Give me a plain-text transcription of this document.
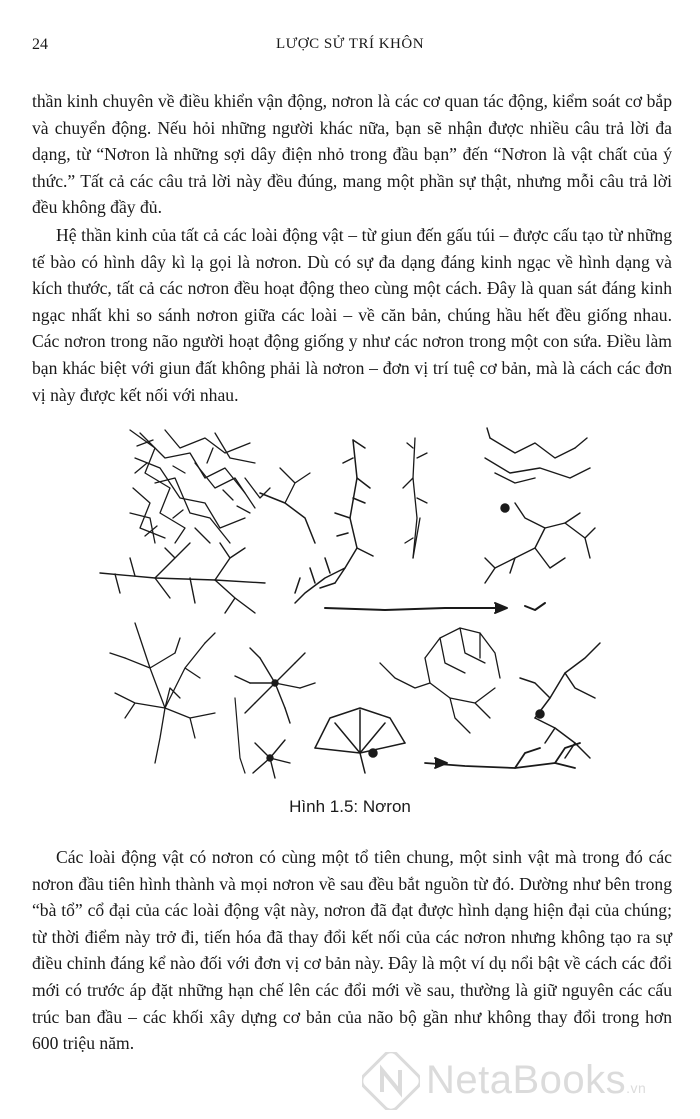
24	LƯỢC SỬ TRÍ KHÔN

thần kinh chuyên về điều khiển vận động, nơron là các cơ quan tác động, kiểm soát cơ bắp và chuyển động. Nếu hỏi những người khác nữa, bạn sẽ nhận được nhiều câu trả lời đa dạng, từ “Nơron là những sợi dây điện nhỏ trong đầu bạn” đến “Nơron là vật chất của ý thức.” Tất cả các câu trả lời này đều đúng, mang một phần sự thật, nhưng mỗi câu trả lời đều không đầy đủ.

Hệ thần kinh của tất cả các loài động vật – từ giun đến gấu túi – được cấu tạo từ những tế bào có hình dây kì lạ gọi là nơron. Dù có sự đa dạng đáng kinh ngạc về hình dạng và kích thước, tất cả các nơron đều hoạt động theo cùng một cách. Đây là quan sát đáng kinh ngạc nhất khi so sánh nơron giữa các loài – về căn bản, chúng hầu hết đều giống nhau. Các nơron trong não người hoạt động giống y như các nơron trong một con sứa. Điều làm bạn khác biệt với giun đất không phải là nơron – đơn vị trí tuệ cơ bản, mà là cách các đơn vị này được kết nối với nhau.

Hình 1.5: Nơron

Các loài động vật có nơron có cùng một tổ tiên chung, một sinh vật mà trong đó các nơron đầu tiên hình thành và mọi nơron về sau đều bắt nguồn từ đó. Dường như bên trong “bà tổ” cổ đại của các loài động vật này, nơron đã đạt được hình dạng hiện đại của chúng; từ thời điểm này trở đi, tiến hóa đã thay đổi kết nối của các nơron nhưng không tạo ra sự điều chỉnh đáng kể nào đối với đơn vị cơ bản này. Đây là một ví dụ nổi bật về cách các đổi mới có trước áp đặt những hạn chế lên các đổi mới về sau, thường là giữ nguyên các cấu trúc ban đầu – các khối xây dựng cơ bản của não bộ gần như không thay đổi trong hơn 600 triệu năm.

NetaBooks.vn
